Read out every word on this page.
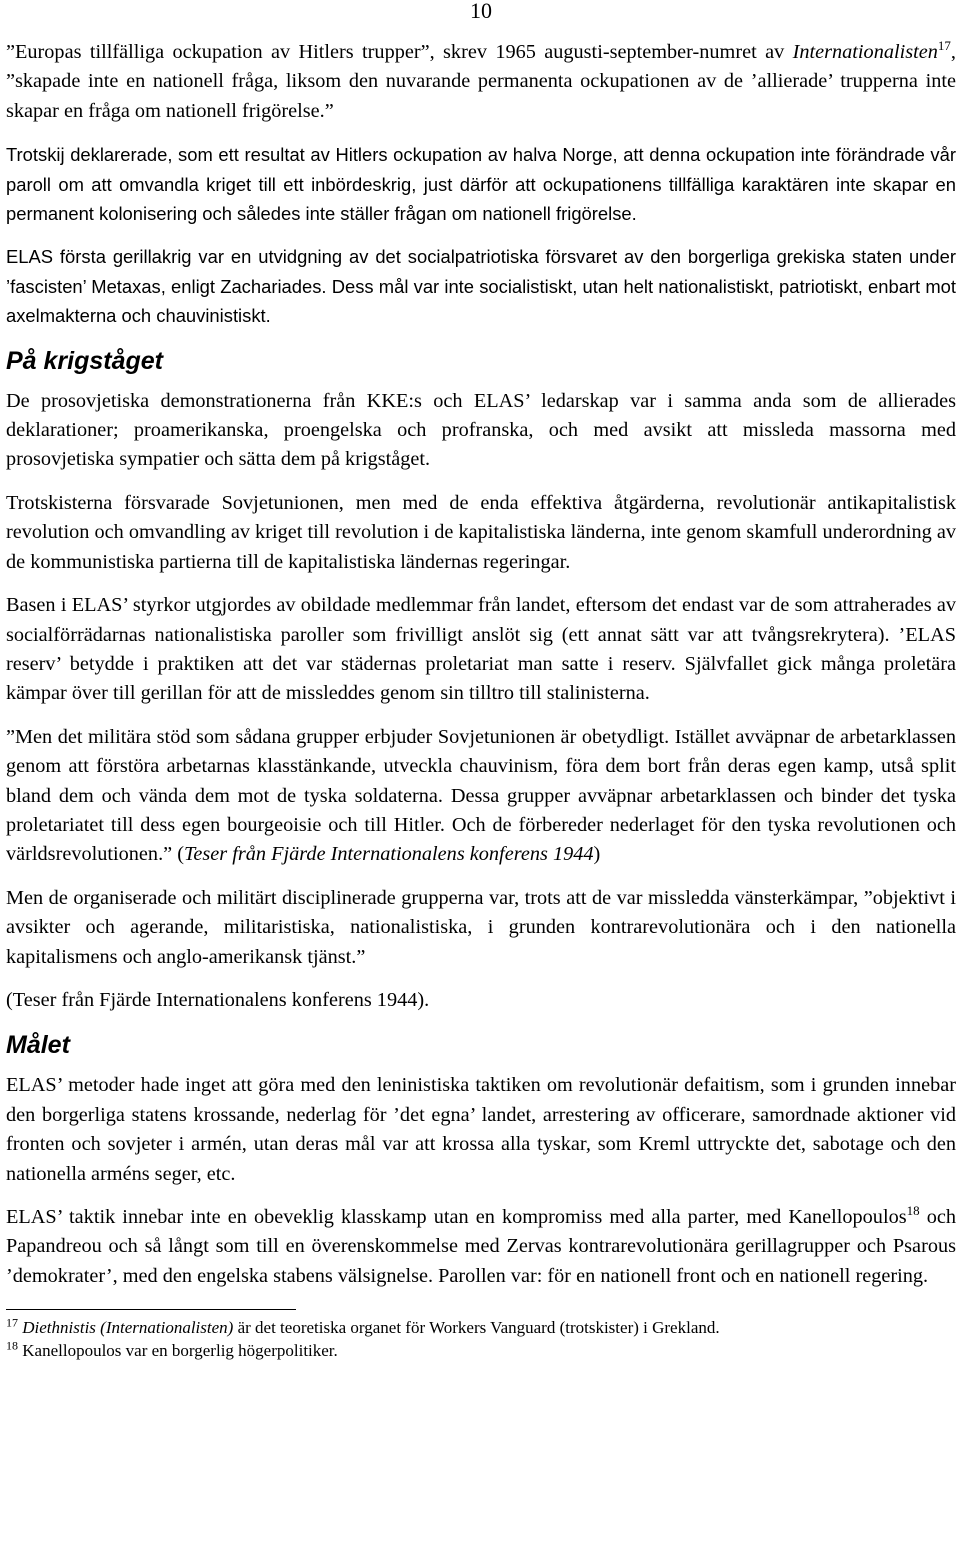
10

”Europas tillfälliga ockupation av Hitlers trupper”, skrev 1965 augusti-september-numret av Internationalisten$^{17}$, ”skapade inte en nationell fråga, liksom den nuvarande permanenta ockupationen av de ’allierade’ trupperna inte skapar en fråga om nationell frigörelse.”

Trotskij deklarerade, som ett resultat av Hitlers ockupation av halva Norge, att denna ockupation inte förändrade vår paroll om att omvandla kriget till ett inbördeskrig, just därför att ockupationens tillfälliga karaktären inte skapar en permanent kolonisering och således inte ställer frågan om nationell frigörelse.

ELAS första gerillakrig var en utvidgning av det socialpatriotiska försvaret av den borgerliga grekiska staten under ’fascisten’ Metaxas, enligt Zachariades. Dess mål var inte socialistiskt, utan helt nationalistiskt, patriotiskt, enbart mot axelmakterna och chauvinistiskt.

På krigståget

De prosovjetiska demonstrationerna från KKE:s och ELAS’ ledarskap var i samma anda som de allierades deklarationer; proamerikanska, proengelska och profranska, och med avsikt att missleda massorna med prosovjetiska sympatier och sätta dem på krigståget.

Trotskisterna försvarade Sovjetunionen, men med de enda effektiva åtgärderna, revolutionär antikapitalistisk revolution och omvandling av kriget till revolution i de kapitalistiska länderna, inte genom skamfull underordning av de kommunistiska partierna till de kapitalistiska ländernas regeringar.

Basen i ELAS’ styrkor utgjordes av obildade medlemmar från landet, eftersom det endast var de som attraherades av socialförrädarnas nationalistiska paroller som frivilligt anslöt sig (ett annat sätt var att tvångsrekrytera). ’ELAS reserv’ betydde i praktiken att det var städernas proletariat man satte i reserv. Självfallet gick många proletära kämpar över till gerillan för att de missleddes genom sin tilltro till stalinisterna.

”Men det militära stöd som sådana grupper erbjuder Sovjetunionen är obetydligt. Istället avväpnar de arbetarklassen genom att förstöra arbetarnas klasstänkande, utveckla chauvinism, föra dem bort från deras egen kamp, utså split bland dem och vända dem mot de tyska soldaterna. Dessa grupper avväpnar arbetarklassen och binder det tyska proletariatet till dess egen bourgeoisie och till Hitler. Och de förbereder nederlaget för den tyska revolutionen och världsrevolutionen.” (Teser från Fjärde Internationalens konferens 1944)

Men de organiserade och militärt disciplinerade grupperna var, trots att de var missledda vänsterkämpar, ”objektivt i avsikter och agerande, militaristiska, nationalistiska, i grunden kontrarevolutionära och i den nationella kapitalismens och anglo-amerikansk tjänst.”

(Teser från Fjärde Internationalens konferens 1944).

Målet

ELAS’ metoder hade inget att göra med den leninistiska taktiken om revolutionär defaitism, som i grunden innebar den borgerliga statens krossande, nederlag för ’det egna’ landet, arrestering av officerare, samordnade aktioner vid fronten och sovjeter i armén, utan deras mål var att krossa alla tyskar, som Kreml uttryckte det, sabotage och den nationella arméns seger, etc.

ELAS’ taktik innebar inte en obeveklig klasskamp utan en kompromiss med alla parter, med Kanellopoulos$^{18}$ och Papandreou och så långt som till en överenskommelse med Zervas kontrarevolutionära gerillagrupper och Psarous ’demokrater’, med den engelska stabens välsignelse. Parollen var: för en nationell front och en nationell regering.

$^{17}$ Diethnistis (Internationalisten) är det teoretiska organet för Workers Vanguard (trotskister) i Grekland.

$^{18}$ Kanellopoulos var en borgerlig högerpolitiker.
